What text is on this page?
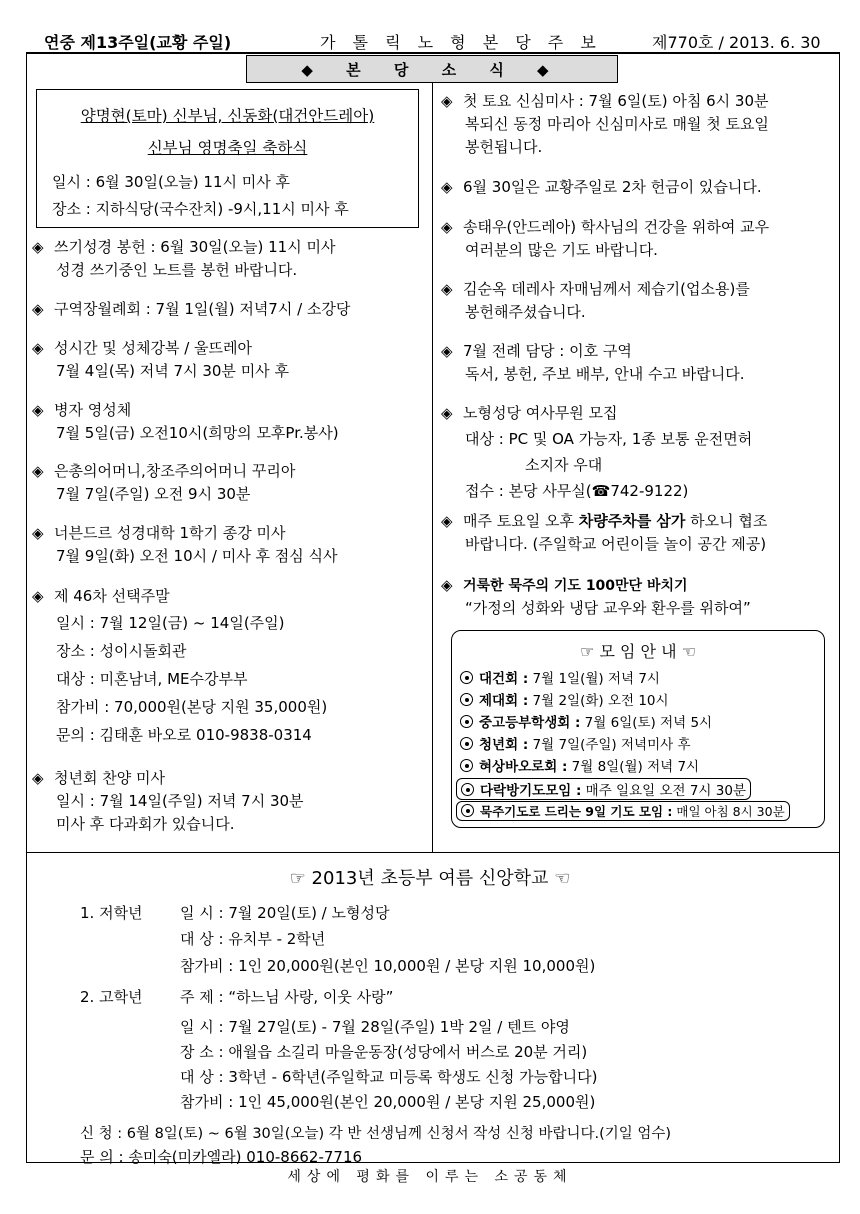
연중 제13주일(교황 주일)	가 톨 릭 노 형 본 당 주 보	제770호 / 2013. 6. 30
◆ 본 당 소 식 ◆
양명현(토마) 신부님, 신동화(대건안드레아)
신부님 영명축일 축하식
일시 : 6월 30일(오늘) 11시 미사 후
장소 : 지하식당(국수잔치) -9시,11시 미사 후
◈ 쓰기성경 봉헌 : 6월 30일(오늘) 11시 미사
성경 쓰기중인 노트를 봉헌 바랍니다.
◈ 구역장월례회 : 7월 1일(월) 저녁7시 / 소강당
◈ 성시간 및 성체강복 / 울뜨레아
7월 4일(목) 저녁 7시 30분 미사 후
◈ 병자 영성체
7월 5일(금) 오전10시(희망의 모후Pr.봉사)
◈ 은총의어머니,창조주의어머니 꾸리아
7월 7일(주일) 오전 9시 30분
◈ 너븐드르 성경대학 1학기 종강 미사
7월 9일(화) 오전 10시 / 미사 후 점심 식사
◈ 제 46차 선택주말
일시 : 7월 12일(금) ~ 14일(주일)
장소 : 성이시돌회관
대상 : 미혼남녀, ME수강부부
참가비 : 70,000원(본당 지원 35,000원)
문의 : 김태훈 바오로 010-9838-0314
◈ 청년회 찬양 미사
일시 : 7월 14일(주일) 저녁 7시 30분
미사 후 다과회가 있습니다.
◈ 첫 토요 신심미사 : 7월 6일(토) 아침 6시 30분
복되신 동정 마리아 신심미사로 매월 첫 토요일
봉헌됩니다.
◈ 6월 30일은 교황주일로 2차 헌금이 있습니다.
◈ 송태우(안드레아) 학사님의 건강을 위하여 교우
여러분의 많은 기도 바랍니다.
◈ 김순옥 데레사 자매님께서 제습기(업소용)를
봉헌해주셨습니다.
◈ 7월 전례 담당 : 이호 구역
독서, 봉헌, 주보 배부, 안내 수고 바랍니다.
◈ 노형성당 여사무원 모집
대상 : PC 및 OA 가능자, 1종 보통 운전면허
소지자 우대
접수 : 본당 사무실(☎742-9122)
◈ 매주 토요일 오후 차량주차를 삼가 하오니 협조
바랍니다. (주일학교 어린이들 놀이 공간 제공)
◈ 거룩한 묵주의 기도 100만단 바치기
“가정의 성화와 냉담 교우와 환우를 위하여”
☞ 모 임 안 내 ☜
대건회 : 7월 1일(월) 저녁 7시
제대회 : 7월 2일(화) 오전 10시
중고등부학생회 : 7월 6일(토) 저녁 5시
청년회 : 7월 7일(주일) 저녁미사 후
혀상바오로회 : 7월 8일(월) 저녁 7시
다락방기도모임 : 매주 일요일 오전 7시 30분
묵주기도로 드리는 9일 기도 모임 : 매일 아침 8시 30분
☞ 2013년 초등부 여름 신앙학교 ☜
1. 저학년 일 시 : 7월 20일(토) / 노형성당
대 상 : 유치부 - 2학년
참가비 : 1인 20,000원(본인 10,000원 / 본당 지원 10,000원)
2. 고학년 주 제 : “하느님 사랑, 이웃 사랑”
일 시 : 7월 27일(토) - 7월 28일(주일) 1박 2일 / 텐트 야영
장 소 : 애월읍 소길리 마을운동장(성당에서 버스로 20분 거리)
대 상 : 3학년 - 6학년(주일학교 미등록 학생도 신청 가능합니다)
참가비 : 1인 45,000원(본인 20,000원 / 본당 지원 25,000원)
신 청 : 6월 8일(토) ~ 6월 30일(오늘) 각 반 선생님께 신청서 작성 신청 바랍니다.(기일 엄수)
문 의 : 송미숙(미카엘라) 010-8662-7716
세상에 평화를 이루는 소공동체
